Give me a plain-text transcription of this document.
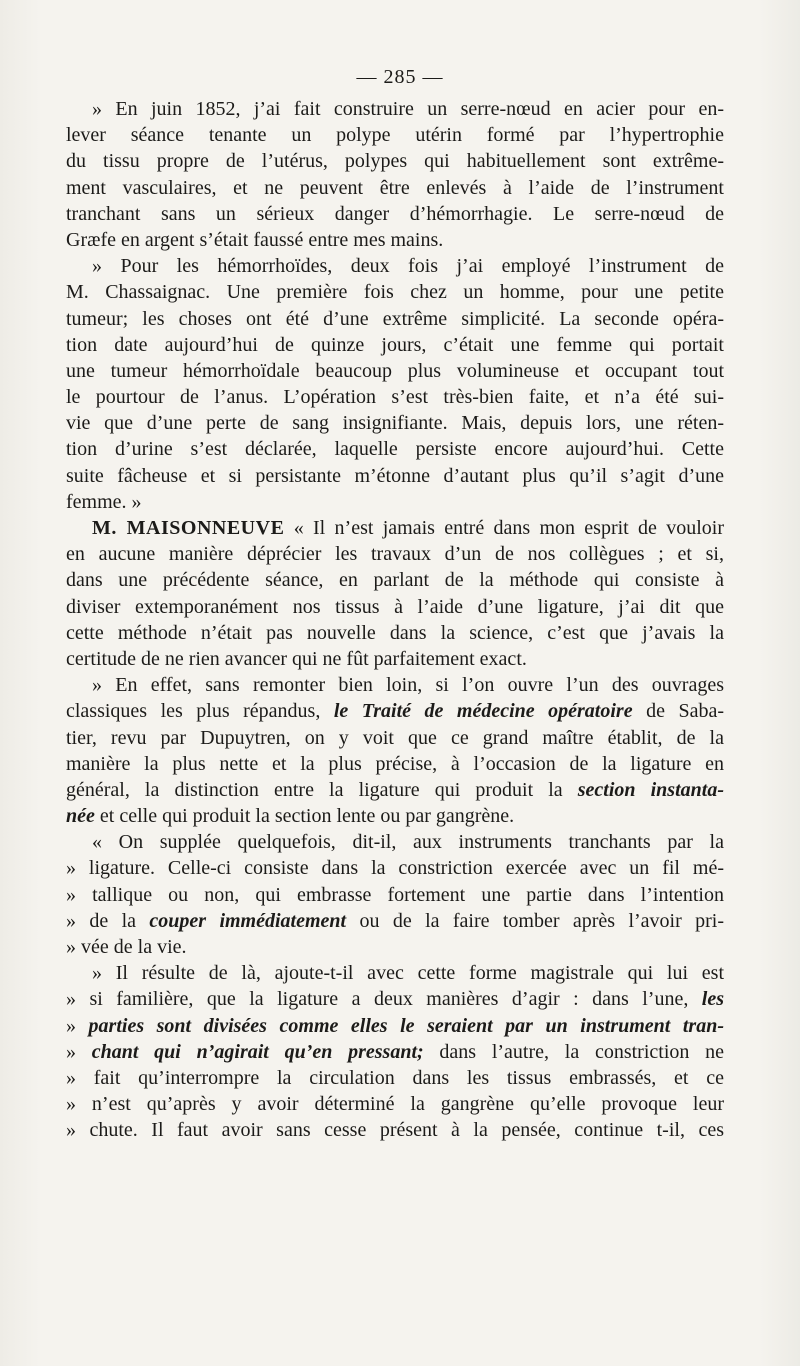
— 285 —
» En juin 1852, j’ai fait construire un serre-nœud en acier pour en-
lever séance tenante un polype utérin formé par l’hypertrophie
du tissu propre de l’utérus, polypes qui habituellement sont extrême-
ment vasculaires, et ne peuvent être enlevés à l’aide de l’instrument
tranchant sans un sérieux danger d’hémorrhagie. Le serre-nœud de
Græfe en argent s’était faussé entre mes mains.
» Pour les hémorrhoïdes, deux fois j’ai employé l’instrument de
M. Chassaignac. Une première fois chez un homme, pour une petite
tumeur; les choses ont été d’une extrême simplicité. La seconde opéra-
tion date aujourd’hui de quinze jours, c’était une femme qui portait
une tumeur hémorrhoïdale beaucoup plus volumineuse et occupant tout
le pourtour de l’anus. L’opération s’est très-bien faite, et n’a été sui-
vie que d’une perte de sang insignifiante. Mais, depuis lors, une réten-
tion d’urine s’est déclarée, laquelle persiste encore aujourd’hui. Cette
suite fâcheuse et si persistante m’étonne d’autant plus qu’il s’agit d’une
femme. »
M. MAISONNEUVE « Il n’est jamais entré dans mon esprit de vouloir
en aucune manière déprécier les travaux d’un de nos collègues ; et si,
dans une précédente séance, en parlant de la méthode qui consiste à
diviser extemporanément nos tissus à l’aide d’une ligature, j’ai dit que
cette méthode n’était pas nouvelle dans la science, c’est que j’avais la
certitude de ne rien avancer qui ne fût parfaitement exact.
» En effet, sans remonter bien loin, si l’on ouvre l’un des ouvrages
classiques les plus répandus, le Traité de médecine opératoire de Saba-
tier, revu par Dupuytren, on y voit que ce grand maître établit, de la
manière la plus nette et la plus précise, à l’occasion de la ligature en
général, la distinction entre la ligature qui produit la section instanta-
née et celle qui produit la section lente ou par gangrène.
« On supplée quelquefois, dit-il, aux instruments tranchants par la
» ligature. Celle-ci consiste dans la constriction exercée avec un fil mé-
» tallique ou non, qui embrasse fortement une partie dans l’intention
» de la couper immédiatement ou de la faire tomber après l’avoir pri-
» vée de la vie.
» Il résulte de là, ajoute-t-il avec cette forme magistrale qui lui est
» si familière, que la ligature a deux manières d’agir : dans l’une, les
» parties sont divisées comme elles le seraient par un instrument tran-
» chant qui n’agirait qu’en pressant; dans l’autre, la constriction ne
» fait qu’interrompre la circulation dans les tissus embrassés, et ce
» n’est qu’après y avoir déterminé la gangrène qu’elle provoque leur
» chute. Il faut avoir sans cesse présent à la pensée, continue t-il, ces
